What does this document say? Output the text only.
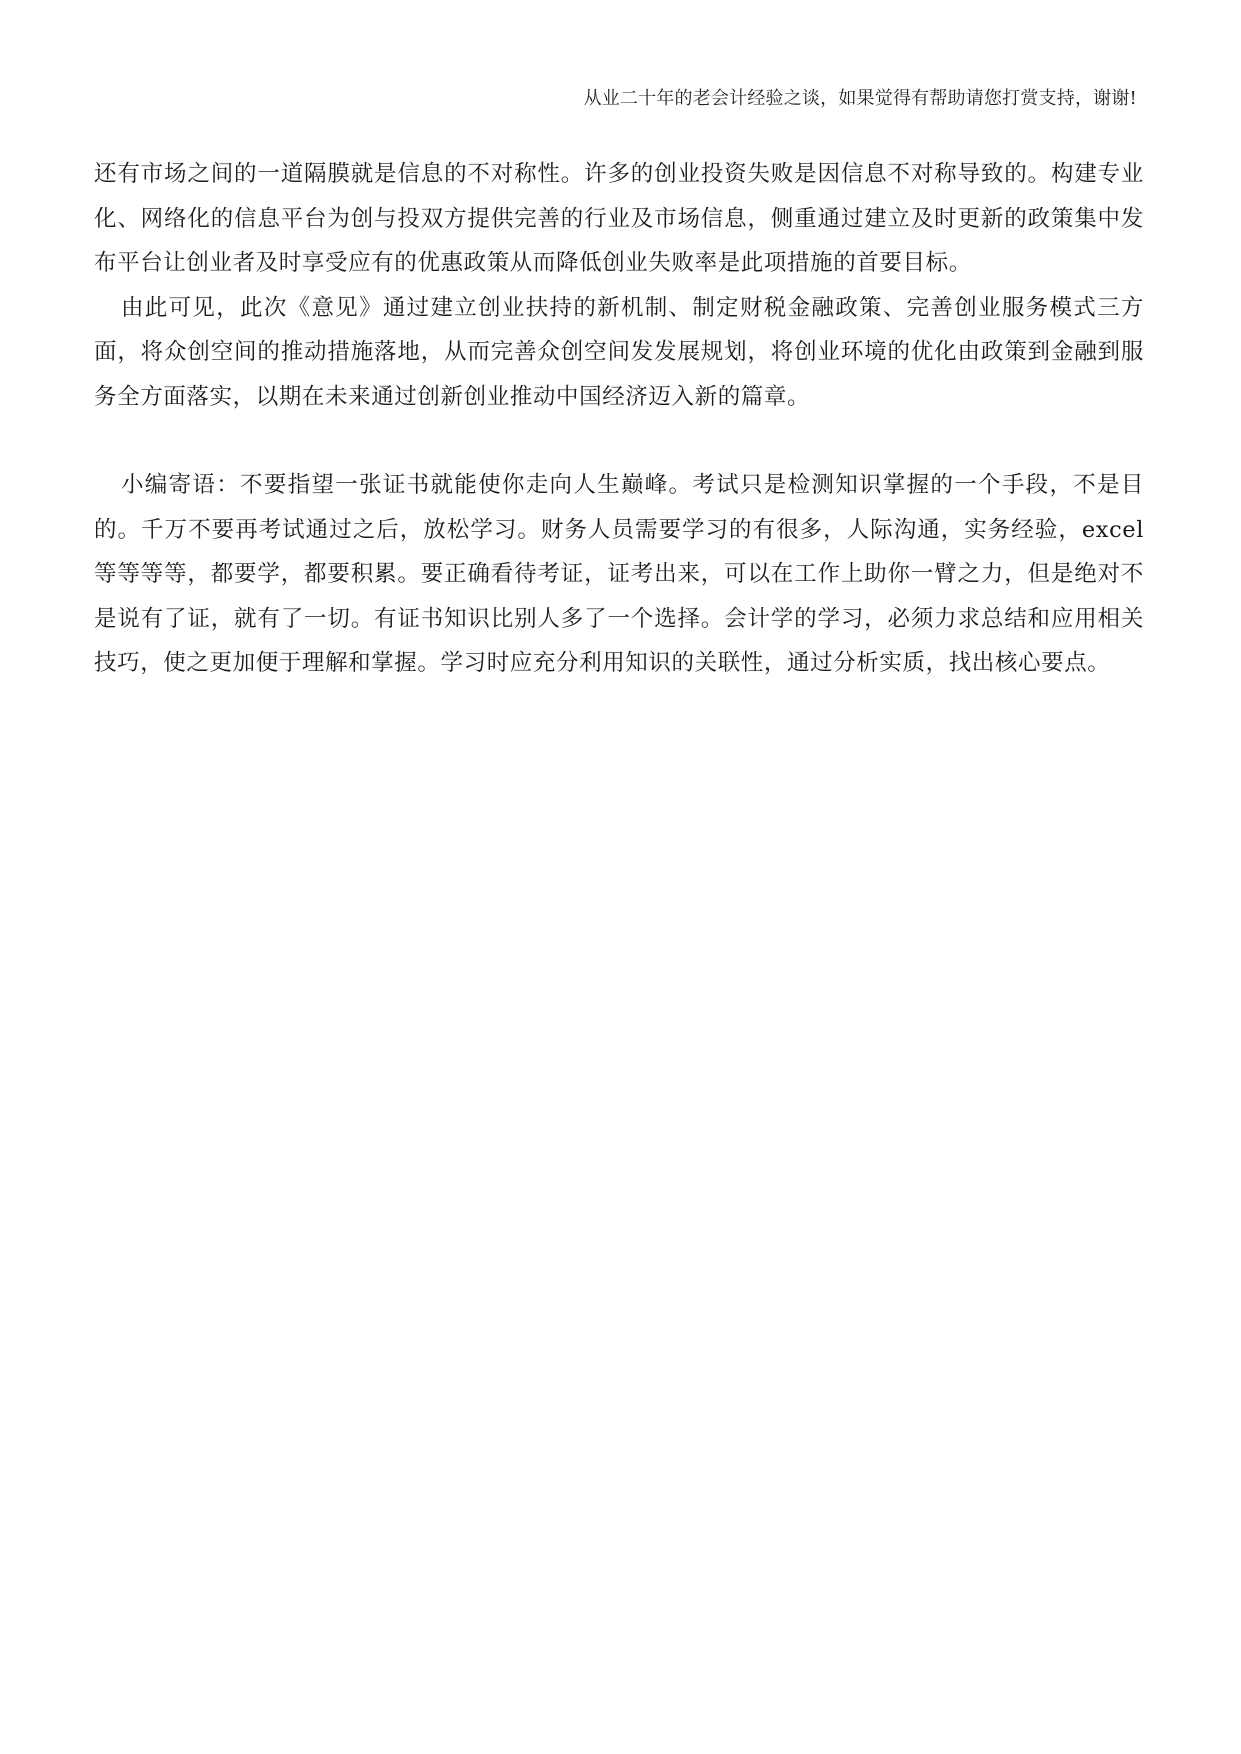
从业二十年的老会计经验之谈，如果觉得有帮助请您打赏支持，谢谢!

还有市场之间的一道隔膜就是信息的不对称性。许多的创业投资失败是因信息不对称导致的。构建专业化、网络化的信息平台为创与投双方提供完善的行业及市场信息，侧重通过建立及时更新的政策集中发布平台让创业者及时享受应有的优惠政策从而降低创业失败率是此项措施的首要目标。

由此可见，此次《意见》通过建立创业扶持的新机制、制定财税金融政策、完善创业服务模式三方面，将众创空间的推动措施落地，从而完善众创空间发发展规划，将创业环境的优化由政策到金融到服务全方面落实，以期在未来通过创新创业推动中国经济迈入新的篇章。

小编寄语：不要指望一张证书就能使你走向人生巅峰。考试只是检测知识掌握的一个手段，不是目的。千万不要再考试通过之后，放松学习。财务人员需要学习的有很多，人际沟通，实务经验，excel 等等等等，都要学，都要积累。要正确看待考证，证考出来，可以在工作上助你一臂之力，但是绝对不是说有了证，就有了一切。有证书知识比别人多了一个选择。会计学的学习，必须力求总结和应用相关技巧，使之更加便于理解和掌握。学习时应充分利用知识的关联性，通过分析实质，找出核心要点。
